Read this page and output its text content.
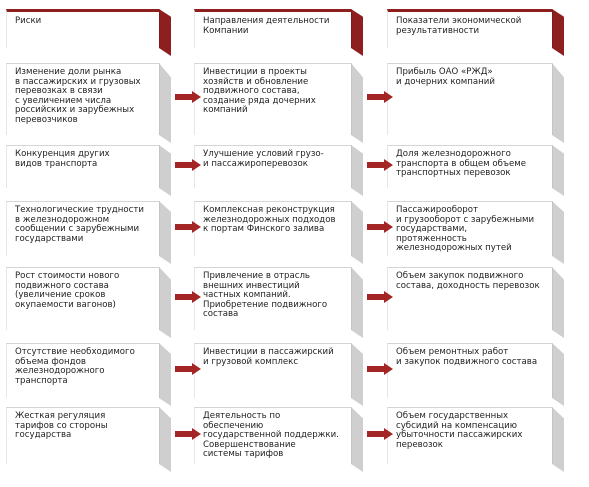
Риски	Направления деятельности
Компании
Показатели экономической
результативности
Изменение доли рынка
в пассажирских и грузовых
перевозках в связи
с увеличением числа
российских и зарубежных
перевозчиков
Инвестиции в проекты
хозяйств и обновление
подвижного состава,
создание ряда дочерних
компаний
Прибыль ОАО «РЖД»
и дочерних компаний
Конкуренция других
видов транспорта
Улучшение условий грузо-
и пассажироперевозок
Доля железнодорожного
транспорта в общем объеме
транспортных перевозок
Технологические трудности
в железнодорожном
сообщении с зарубежными
государствами
Комплексная реконструкция
железнодорожных подходов
к портам Финского залива
Пассажирооборот
и грузооборот с зарубежными
государствами, протяженность
железнодорожных путей
Рост стоимости нового
подвижного состава
(увеличение сроков
окупаемости вагонов)
Привлечение в отрасль
внешних инвестиций
частных компаний.
Приобретение подвижного
состава
Объем закупок подвижного
состава, доходность перевозок
Отсутствие необходимого
объема фондов
железнодорожного
транспорта
Инвестиции в пассажирский
и грузовой комплекс
Объем ремонтных работ
и закупок подвижного состава
Жесткая регуляция
тарифов со стороны
государства
Деятельность по обеспечению
государственной поддержки.
Совершенствование
системы тарифов
Объем государственных
субсидий на компенсацию
убыточности пассажирских
перевозок
